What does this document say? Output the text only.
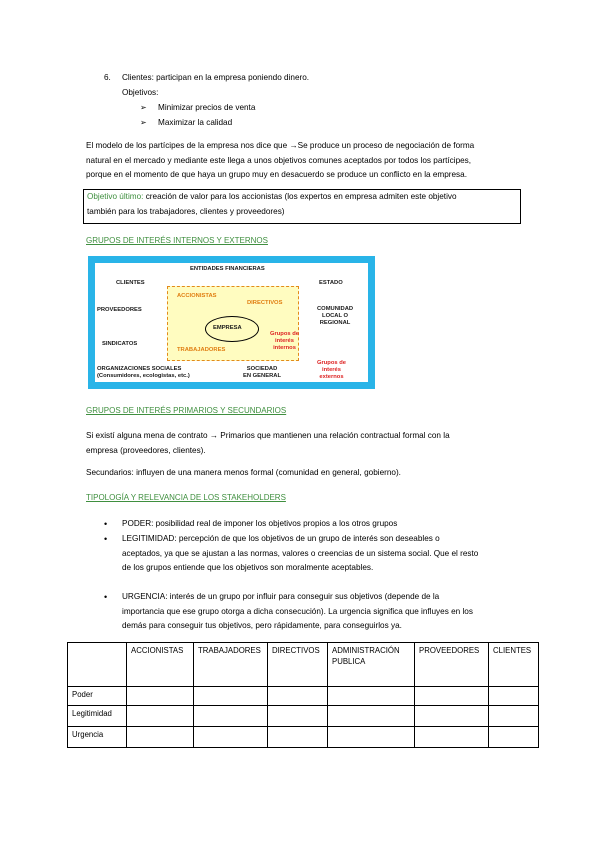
6. Clientes: participan en la empresa poniendo dinero.
Objetivos:
➢ Minimizar precios de venta
➢ Maximizar la calidad
El modelo de los partícipes de la empresa nos dice que →Se produce un proceso de negociación de forma
natural en el mercado y mediante este llega a unos objetivos comunes aceptados por todos los partícipes,
porque en el momento de que haya un grupo muy en desacuerdo se produce un conflicto en la empresa.
Objetivo último: creación de valor para los accionistas (los expertos en empresa admiten este objetivo
también para los trabajadores, clientes y proveedores)
GRUPOS DE INTERÉS INTERNOS Y EXTERNOS
ENTIDADES FINANCIERAS
CLIENTES	ESTADO
PROVEEDORES	COMUNIDAD
LOCAL O
REGIONAL
ACCIONISTAS
DIRECTIVOS
EMPRESA
Grupos de
interés
internos
SINDICATOS
TRABAJADORES
ORGANIZACIONES SOCIALES
(Consumidores, ecologistas, etc.)
SOCIEDAD
EN GENERAL
Grupos de
interés
externos
GRUPOS DE INTERÉS PRIMARIOS Y SECUNDARIOS
Si existí alguna mena de contrato → Primarios que mantienen una relación contractual formal con la
empresa (proveedores, clientes).
Secundarios: influyen de una manera menos formal (comunidad en general, gobierno).
TIPOLOGÍA Y RELEVANCIA DE LOS STAKEHOLDERS
• PODER: posibilidad real de imponer los objetivos propios a los otros grupos
• LEGITIMIDAD: percepción de que los objetivos de un grupo de interés son deseables o
aceptados, ya que se ajustan a las normas, valores o creencias de un sistema social. Que el resto
de los grupos entiende que los objetivos son moralmente aceptables.
• URGENCIA: interés de un grupo por influir para conseguir sus objetivos (depende de la
importancia que ese grupo otorga a dicha consecución). La urgencia significa que influyes en los
demás para conseguir tus objetivos, pero rápidamente, para conseguirlos ya.
	ACCIONISTAS	TRABAJADORES	DIRECTIVOS	ADMINISTRACIÓN PUBLICA	PROVEEDORES	CLIENTES
Poder						
Legitimidad						
Urgencia						
